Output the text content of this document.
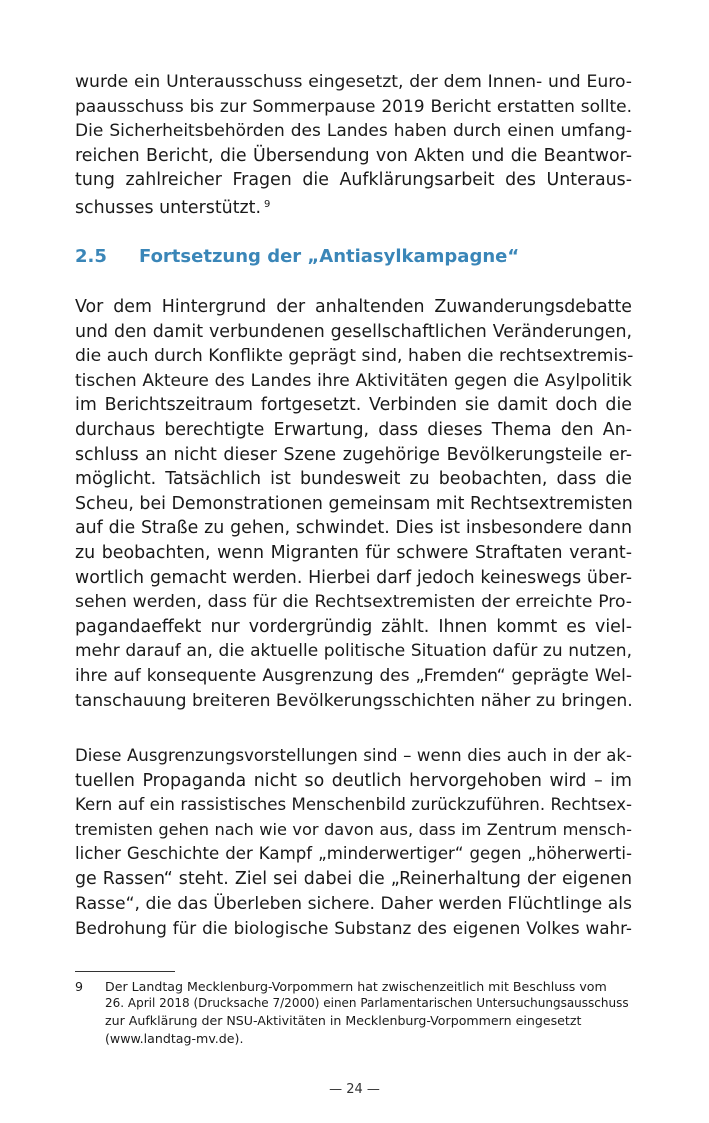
wurde ein Unterausschuss eingesetzt, der dem Innen- und Euro-
paausschuss bis zur Sommerpause 2019 Bericht erstatten sollte.
Die Sicherheitsbehörden des Landes haben durch einen umfang-
reichen Bericht, die Übersendung von Akten und die Beantwor-
tung zahlreicher Fragen die Aufklärungsarbeit des Unteraus-
schusses unterstützt. $^9$
2.5 Fortsetzung der „Antiasylkampagne“
Vor dem Hintergrund der anhaltenden Zuwanderungsdebatte
und den damit verbundenen gesellschaftlichen Veränderungen,
die auch durch Konflikte geprägt sind, haben die rechtsextremis-
tischen Akteure des Landes ihre Aktivitäten gegen die Asylpolitik
im Berichtszeitraum fortgesetzt. Verbinden sie damit doch die
durchaus berechtigte Erwartung, dass dieses Thema den An-
schluss an nicht dieser Szene zugehörige Bevölkerungsteile er-
möglicht. Tatsächlich ist bundesweit zu beobachten, dass die
Scheu, bei Demonstrationen gemeinsam mit Rechtsextremisten
auf die Straße zu gehen, schwindet. Dies ist insbesondere dann
zu beobachten, wenn Migranten für schwere Straftaten verant-
wortlich gemacht werden. Hierbei darf jedoch keineswegs über-
sehen werden, dass für die Rechtsextremisten der erreichte Pro-
pagandaeffekt nur vordergründig zählt. Ihnen kommt es viel-
mehr darauf an, die aktuelle politische Situation dafür zu nutzen,
ihre auf konsequente Ausgrenzung des „Fremden“ geprägte Wel-
tanschauung breiteren Bevölkerungsschichten näher zu bringen.
Diese Ausgrenzungsvorstellungen sind – wenn dies auch in der ak-
tuellen Propaganda nicht so deutlich hervorgehoben wird – im
Kern auf ein rassistisches Menschenbild zurückzuführen. Rechtsex-
tremisten gehen nach wie vor davon aus, dass im Zentrum mensch-
licher Geschichte der Kampf „minderwertiger“ gegen „höherwerti-
ge Rassen“ steht. Ziel sei dabei die „Reinerhaltung der eigenen
Rasse“, die das Überleben sichere. Daher werden Flüchtlinge als
Bedrohung für die biologische Substanz des eigenen Volkes wahr-
9 Der Landtag Mecklenburg-Vorpommern hat zwischenzeitlich mit Beschluss vom
26. April 2018 (Drucksache 7/2000) einen Parlamentarischen Untersuchungsausschuss
zur Aufklärung der NSU-Aktivitäten in Mecklenburg-Vorpommern eingesetzt
(www.landtag-mv.de).
— 24 —
